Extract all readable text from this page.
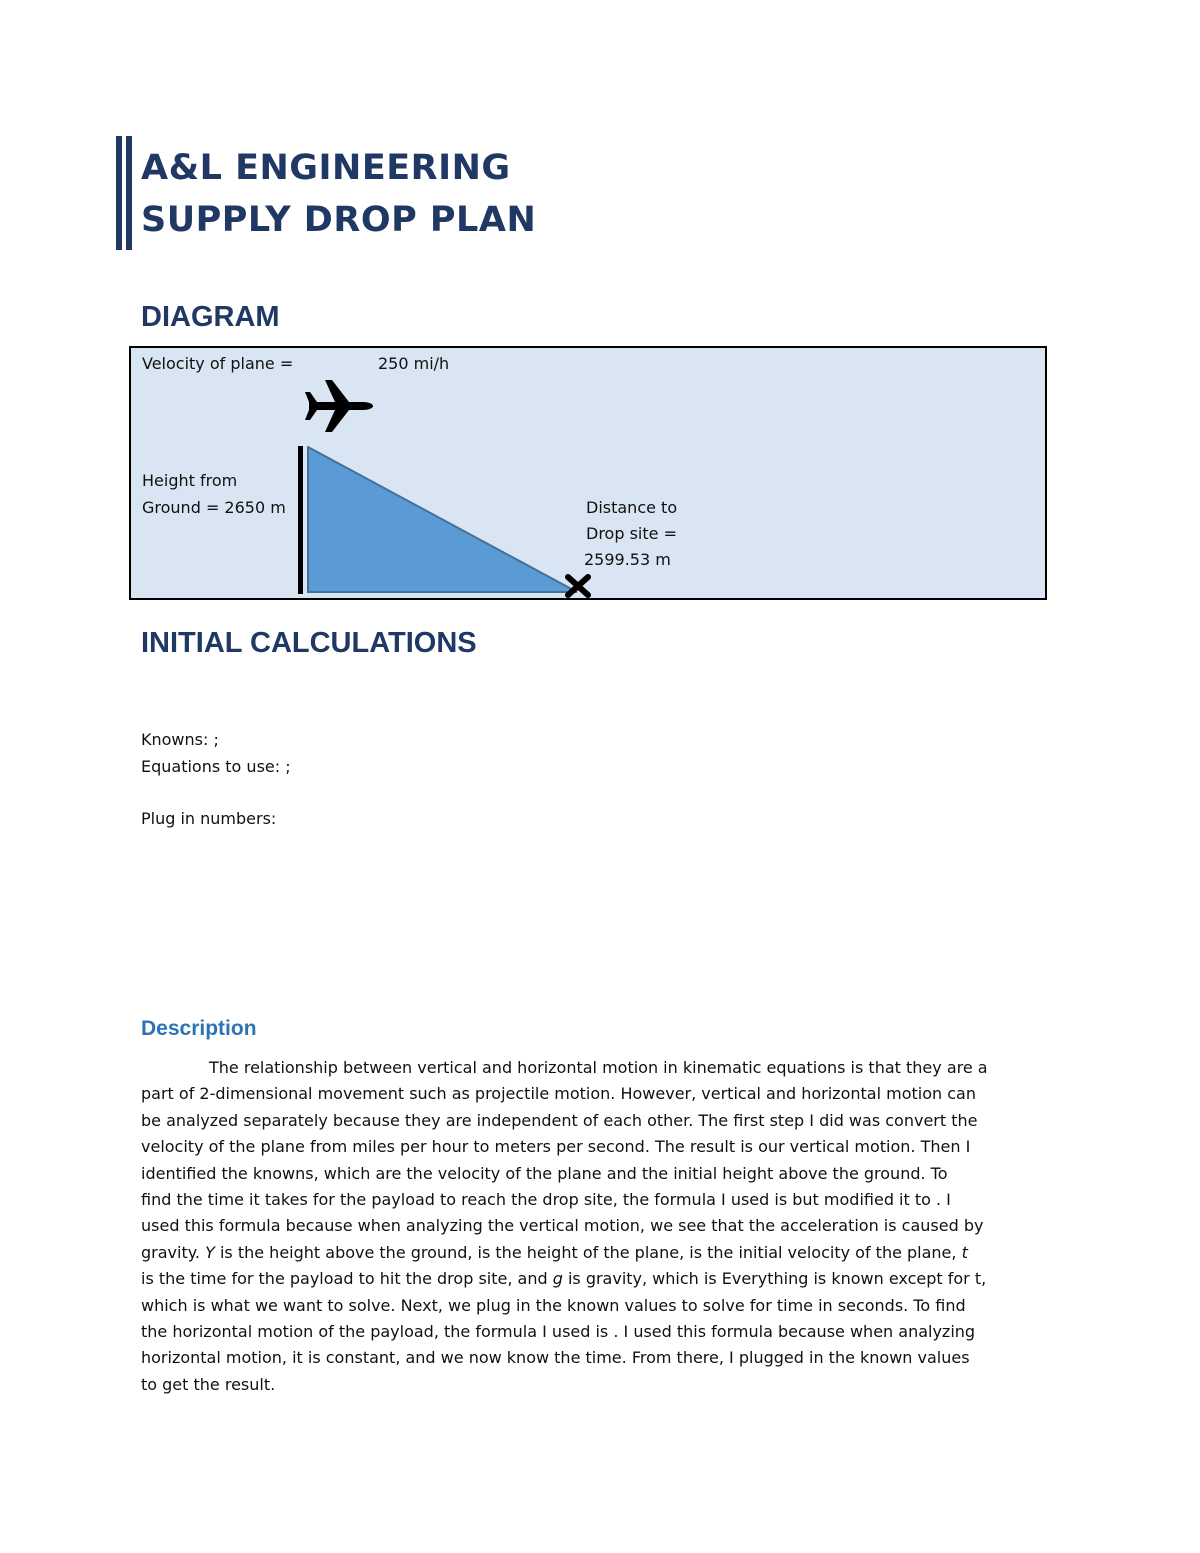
A&L ENGINEERING
SUPPLY DROP PLAN
DIAGRAM
Velocity of plane =	250 mi/h
Height from
Ground = 2650 m	Distance to
Drop site =
2599.53 m
INITIAL CALCULATIONS

Knowns: ;

Equations to use: ;

Plug in numbers:

Description
The relationship between vertical and horizontal motion in kinematic equations is that they are a
part of 2-dimensional movement such as projectile motion. However, vertical and horizontal motion can
be analyzed separately because they are independent of each other. The first step I did was convert the
velocity of the plane from miles per hour to meters per second. The result is our vertical motion. Then I
identified the knowns, which are the velocity of the plane and the initial height above the ground. To
find the time it takes for the payload to reach the drop site, the formula I used is but modified it to . I
used this formula because when analyzing the vertical motion, we see that the acceleration is caused by
gravity. Y is the height above the ground, is the height of the plane, is the initial velocity of the plane, t
is the time for the payload to hit the drop site, and g is gravity, which is Everything is known except for t,
which is what we want to solve. Next, we plug in the known values to solve for time in seconds. To find
the horizontal motion of the payload, the formula I used is . I used this formula because when analyzing
horizontal motion, it is constant, and we now know the time. From there, I plugged in the known values
to get the result.
